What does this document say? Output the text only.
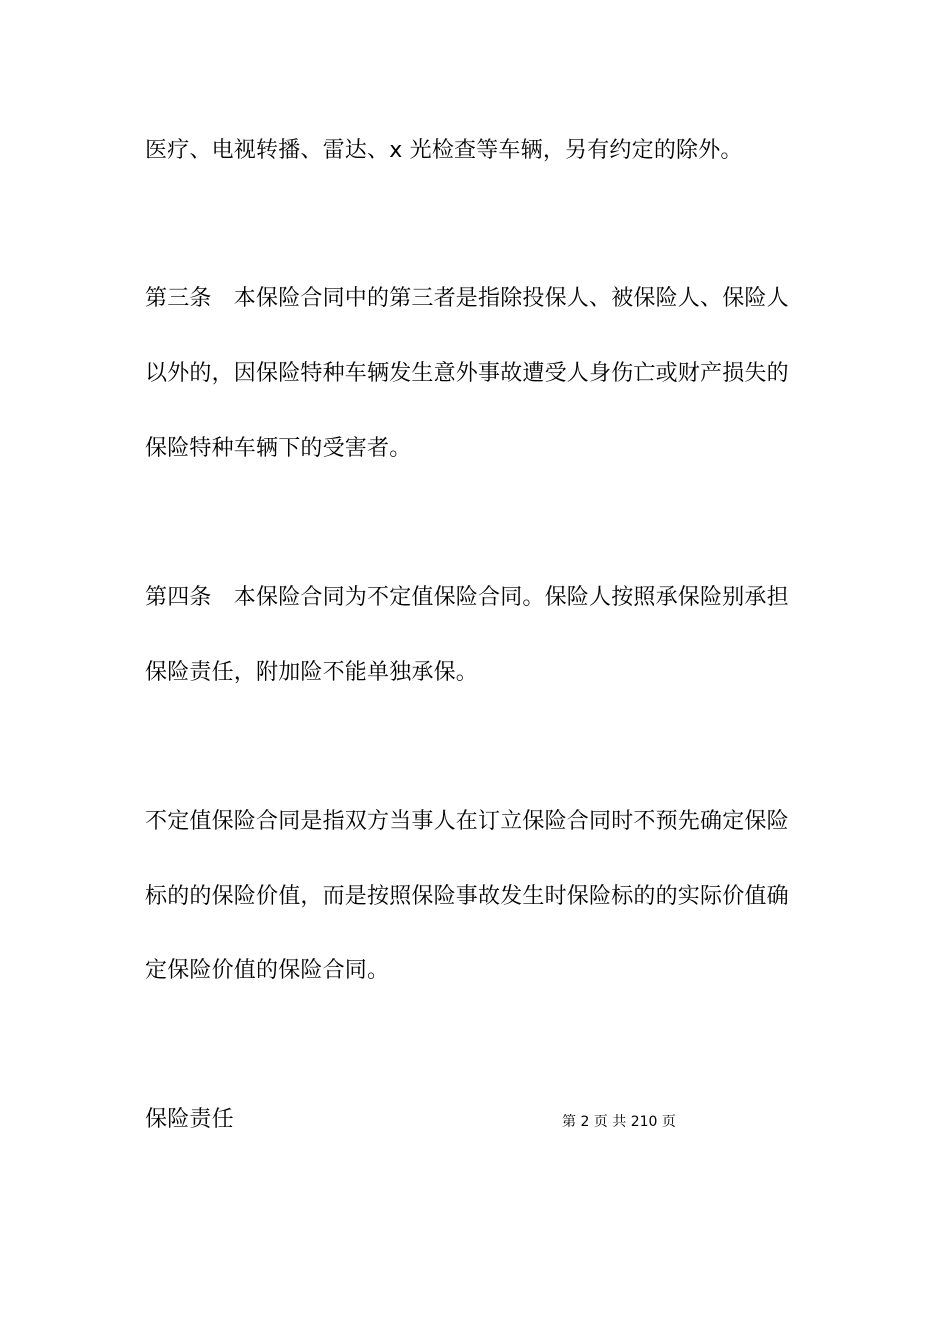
医疗、电视转播、雷达、x 光检查等车辆，另有约定的除外。
第三条　本保险合同中的第三者是指除投保人、被保险人、保险人
以外的，因保险特种车辆发生意外事故遭受人身伤亡或财产损失的
保险特种车辆下的受害者。
第四条　本保险合同为不定值保险合同。保险人按照承保险别承担
保险责任，附加险不能单独承保。
不定值保险合同是指双方当事人在订立保险合同时不预先确定保险
标的的保险价值，而是按照保险事故发生时保险标的的实际价值确
定保险价值的保险合同。
保险责任	第 2 页 共 210 页
